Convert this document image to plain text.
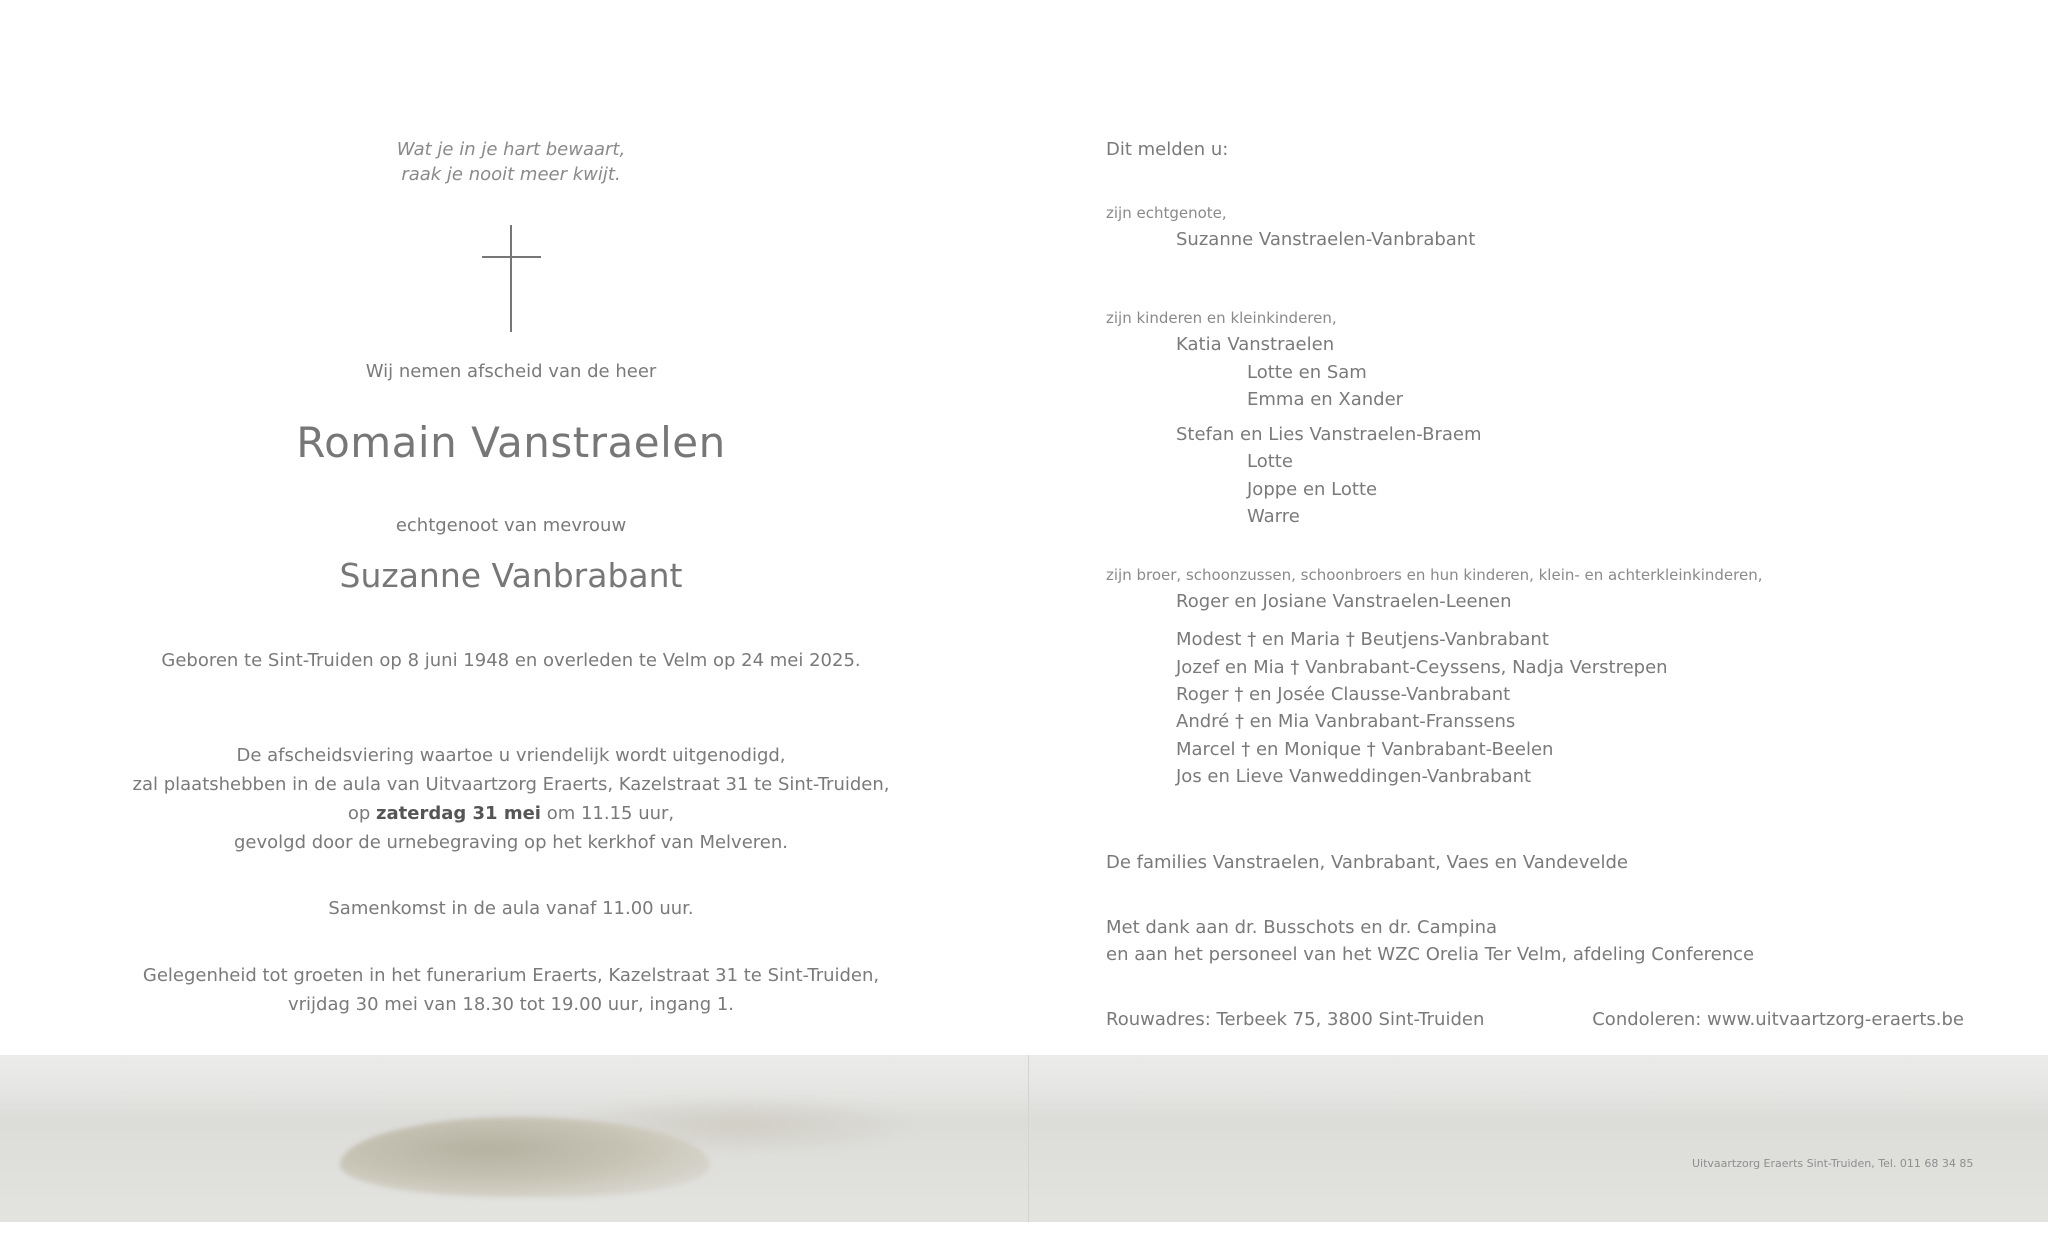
Wat je in je hart bewaart,
raak je nooit meer kwijt.
Wij nemen afscheid van de heer
Romain Vanstraelen
echtgenoot van mevrouw
Suzanne Vanbrabant
Geboren te Sint-Truiden op 8 juni 1948 en overleden te Velm op 24 mei 2025.
De afscheidsviering waartoe u vriendelijk wordt uitgenodigd,
zal plaatshebben in de aula van Uitvaartzorg Eraerts, Kazelstraat 31 te Sint-Truiden,
op zaterdag 31 mei om 11.15 uur,
gevolgd door de urnebegraving op het kerkhof van Melveren.
Samenkomst in de aula vanaf 11.00 uur.
Gelegenheid tot groeten in het funerarium Eraerts, Kazelstraat 31 te Sint-Truiden,
vrijdag 30 mei van 18.30 tot 19.00 uur, ingang 1.
Dit melden u:
zijn echtgenote,
Suzanne Vanstraelen-Vanbrabant
zijn kinderen en kleinkinderen,
Katia Vanstraelen
Lotte en Sam
Emma en Xander
Stefan en Lies Vanstraelen-Braem
Lotte
Joppe en Lotte
Warre
zijn broer, schoonzussen, schoonbroers en hun kinderen, klein- en achterkleinkinderen,
Roger en Josiane Vanstraelen-Leenen
Modest † en Maria † Beutjens-Vanbrabant
Jozef en Mia † Vanbrabant-Ceyssens, Nadja Verstrepen
Roger † en Josée Clausse-Vanbrabant
André † en Mia Vanbrabant-Franssens
Marcel † en Monique † Vanbrabant-Beelen
Jos en Lieve Vanweddingen-Vanbrabant
De families Vanstraelen, Vanbrabant, Vaes en Vandevelde
Met dank aan dr. Busschots en dr. Campina
en aan het personeel van het WZC Orelia Ter Velm, afdeling Conference
Rouwadres: Terbeek 75, 3800 Sint-Truiden	Condoleren: www.uitvaartzorg-eraerts.be
Uitvaartzorg Eraerts Sint-Truiden, Tel. 011 68 34 85
